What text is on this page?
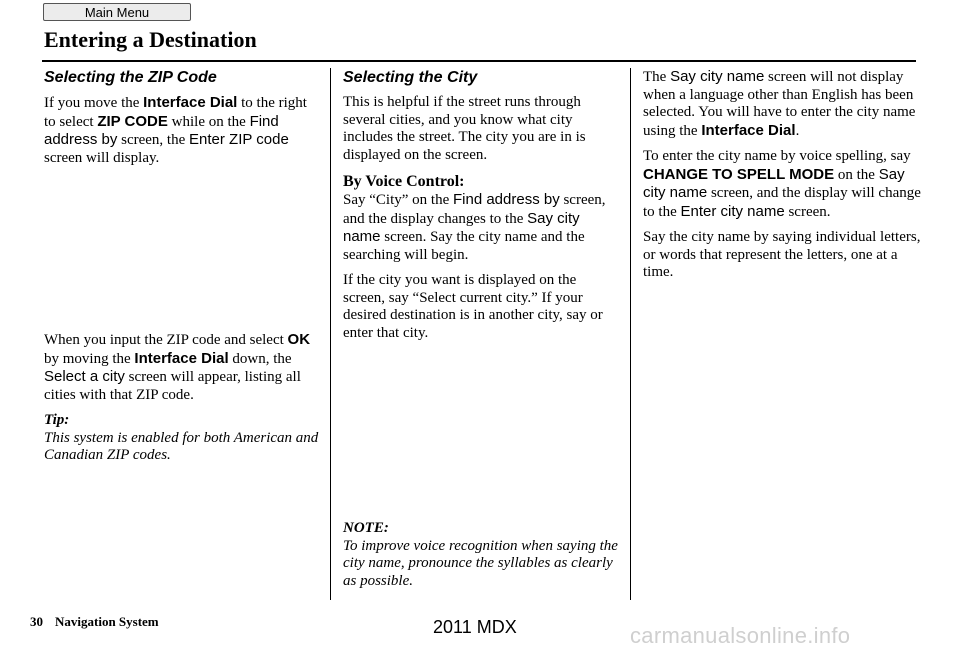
Main Menu
Entering a Destination
Selecting the ZIP Code

If you move the Interface Dial to the right to select ZIP CODE while on the Find address by screen, the Enter ZIP code screen will display.

When you input the ZIP code and select OK by moving the Interface Dial down, the Select a city screen will appear, listing all cities with that ZIP code.

Tip:

This system is enabled for both American and Canadian ZIP codes.

Selecting the City

This is helpful if the street runs through several cities, and you know what city includes the street. The city you are in is displayed on the screen.

By Voice Control:

Say “City” on the Find address by screen, and the display changes to the Say city name screen. Say the city name and the searching will begin.

If the city you want is displayed on the screen, say “Select current city.” If your desired destination is in another city, say or enter that city.

NOTE:

To improve voice recognition when saying the city name, pronounce the syllables as clearly as possible.

The Say city name screen will not display when a language other than English has been selected. You will have to enter the city name using the Interface Dial.

To enter the city name by voice spelling, say CHANGE TO SPELL MODE on the Say city name screen, and the display will change to the Enter city name screen.

Say the city name by saying individual letters, or words that represent the letters, one at a time.

30 Navigation System	2011 MDX	carmanualsonline.info
